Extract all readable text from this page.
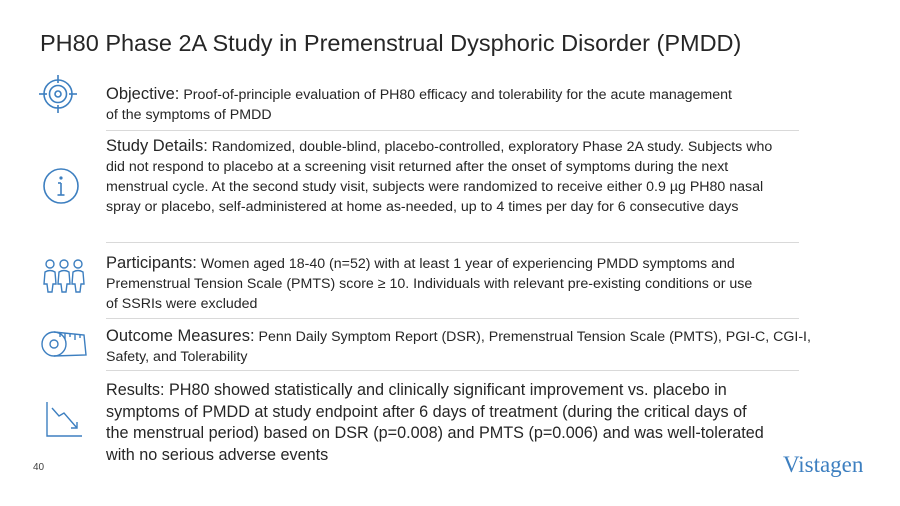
PH80 Phase 2A Study in Premenstrual Dysphoric Disorder (PMDD)
Objective: Proof-of-principle evaluation of PH80 efficacy and tolerability for the acute management
of the symptoms of PMDD
Study Details: Randomized, double-blind, placebo-controlled, exploratory Phase 2A study. Subjects who
did not respond to placebo at a screening visit returned after the onset of symptoms during the next
menstrual cycle. At the second study visit, subjects were randomized to receive either 0.9 µg PH80 nasal
spray or placebo, self-administered at home as-needed, up to 4 times per day for 6 consecutive days
Participants: Women aged 18-40 (n=52) with at least 1 year of experiencing PMDD symptoms and
Premenstrual Tension Scale (PMTS) score ≥ 10. Individuals with relevant pre-existing conditions or use
of SSRIs were excluded
Outcome Measures: Penn Daily Symptom Report (DSR), Premenstrual Tension Scale (PMTS), PGI-C, CGI-I,
Safety, and Tolerability
Results: PH80 showed statistically and clinically significant improvement vs. placebo in
symptoms of PMDD at study endpoint after 6 days of treatment (during the critical days of
the menstrual period) based on DSR (p=0.008) and PMTS (p=0.006) and was well-tolerated
with no serious adverse events
40	Vistagen
